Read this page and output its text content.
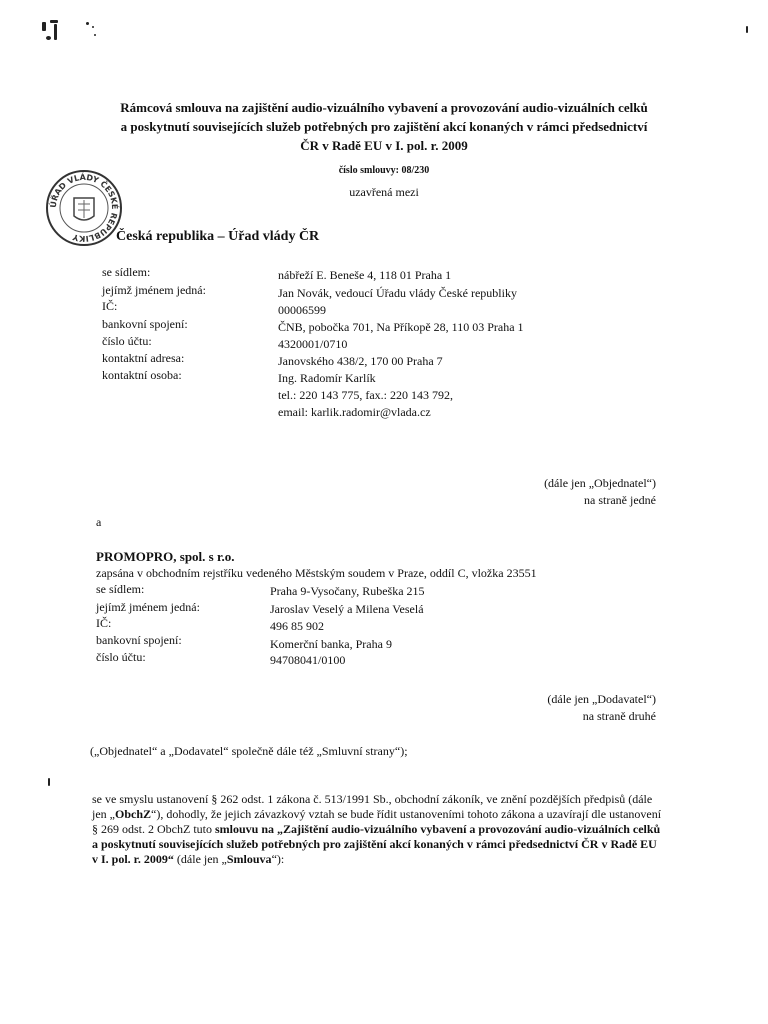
ÚŘAD VLÁDY ČESKÉ REPUBLIKY
Rámcová smlouva na zajištění audio-vizuálního vybavení a provozování audio-vizuálních celků a poskytnutí souvisejících služeb potřebných pro zajištění akcí konaných v rámci předsednictví ČR v Radě EU v I. pol. r. 2009
číslo smlouvy: 08/230
uzavřená mezi
Česká republika – Úřad vlády ČR
se sídlem:	nábřeží E. Beneše 4, 118 01 Praha 1
jejímž jménem jedná:	Jan Novák, vedoucí Úřadu vlády České republiky
IČ:	00006599
bankovní spojení:	ČNB, pobočka 701, Na Příkopě 28, 110 03 Praha 1
číslo účtu:	4320001/0710
kontaktní adresa:	Janovského 438/2, 170 00 Praha 7
kontaktní osoba:	Ing. Radomír Karlík
tel.: 220 143 775, fax.: 220 143 792,
email: karlik.radomir@vlada.cz
(dále jen „Objednatel“)
na straně jedné
a
PROMOPRO, spol. s r.o.
zapsána v obchodním rejstříku vedeného Městským soudem v Praze, oddíl C, vložka 23551
se sídlem:	Praha 9-Vysočany, Rubeška 215
jejímž jménem jedná:	Jaroslav Veselý a Milena Veselá
IČ:	496 85 902
bankovní spojení:	Komerční banka, Praha 9
číslo účtu:	94708041/0100
(dále jen „Dodavatel“)
na straně druhé
(„Objednatel“ a „Dodavatel“ společně dále též „Smluvní strany“);
se ve smyslu ustanovení § 262 odst. 1 zákona č. 513/1991 Sb., obchodní zákoník, ve znění pozdějších předpisů (dále jen „ObchZ“), dohodly, že jejich závazkový vztah se bude řídit ustanoveními tohoto zákona a uzavírají dle ustanovení § 269 odst. 2 ObchZ tuto smlouvu na „Zajištění audio-vizuálního vybavení a provozování audio-vizuálních celků a poskytnutí souvisejících služeb potřebných pro zajištění akcí konaných v rámci předsednictví ČR v Radě EU v I. pol. r. 2009“ (dále jen „Smlouva“):
